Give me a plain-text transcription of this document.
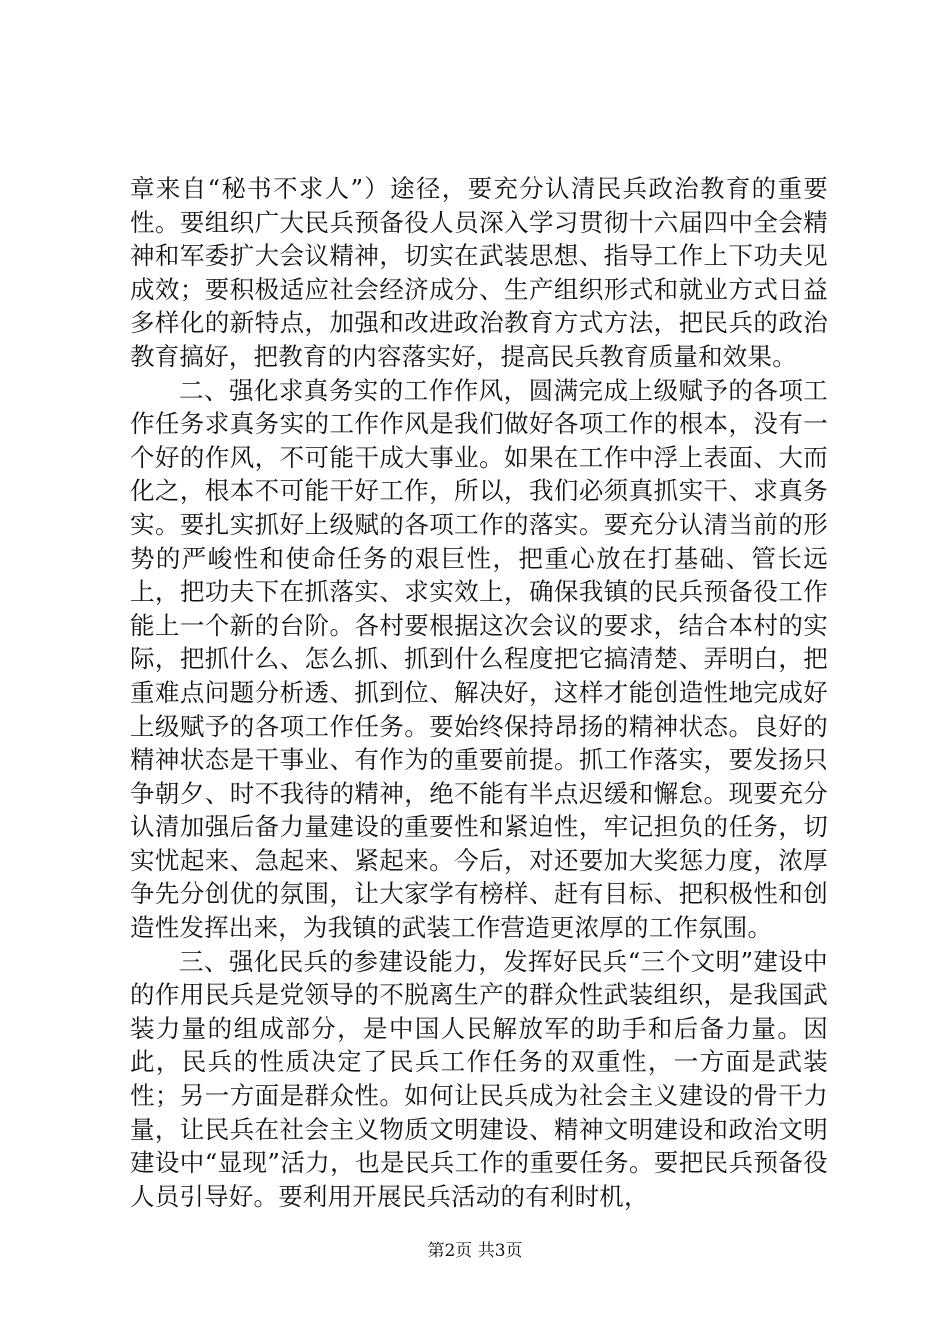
章来自“秘书不求人”）途径，要充分认清民兵政治教育的重要性。要组织广大民兵预备役人员深入学习贯彻十六届四中全会精神和军委扩大会议精神，切实在武装思想、指导工作上下功夫见成效；要积极适应社会经济成分、生产组织形式和就业方式日益多样化的新特点，加强和改进政治教育方式方法，把民兵的政治教育搞好，把教育的内容落实好，提高民兵教育质量和效果。

二、强化求真务实的工作作风，圆满完成上级赋予的各项工作任务求真务实的工作作风是我们做好各项工作的根本，没有一个好的作风，不可能干成大事业。如果在工作中浮上表面、大而化之，根本不可能干好工作，所以，我们必须真抓实干、求真务实。要扎实抓好上级赋的各项工作的落实。要充分认清当前的形势的严峻性和使命任务的艰巨性，把重心放在打基础、管长远上，把功夫下在抓落实、求实效上，确保我镇的民兵预备役工作能上一个新的台阶。各村要根据这次会议的要求，结合本村的实际，把抓什么、怎么抓、抓到什么程度把它搞清楚、弄明白，把重难点问题分析透、抓到位、解决好，这样才能创造性地完成好上级赋予的各项工作任务。要始终保持昂扬的精神状态。良好的精神状态是干事业、有作为的重要前提。抓工作落实，要发扬只争朝夕、时不我待的精神，绝不能有半点迟缓和懈怠。现要充分认清加强后备力量建设的重要性和紧迫性，牢记担负的任务，切实忧起来、急起来、紧起来。今后，对还要加大奖惩力度，浓厚争先分创优的氛围，让大家学有榜样、赶有目标、把积极性和创造性发挥出来，为我镇的武装工作营造更浓厚的工作氛围。

三、强化民兵的参建设能力，发挥好民兵“三个文明”建设中的作用民兵是党领导的不脱离生产的群众性武装组织，是我国武装力量的组成部分，是中国人民解放军的助手和后备力量。因此，民兵的性质决定了民兵工作任务的双重性，一方面是武装性；另一方面是群众性。如何让民兵成为社会主义建设的骨干力量，让民兵在社会主义物质文明建设、精神文明建设和政治文明建设中“显现”活力，也是民兵工作的重要任务。要把民兵预备役人员引导好。要利用开展民兵活动的有利时机，

第2页 共3页
